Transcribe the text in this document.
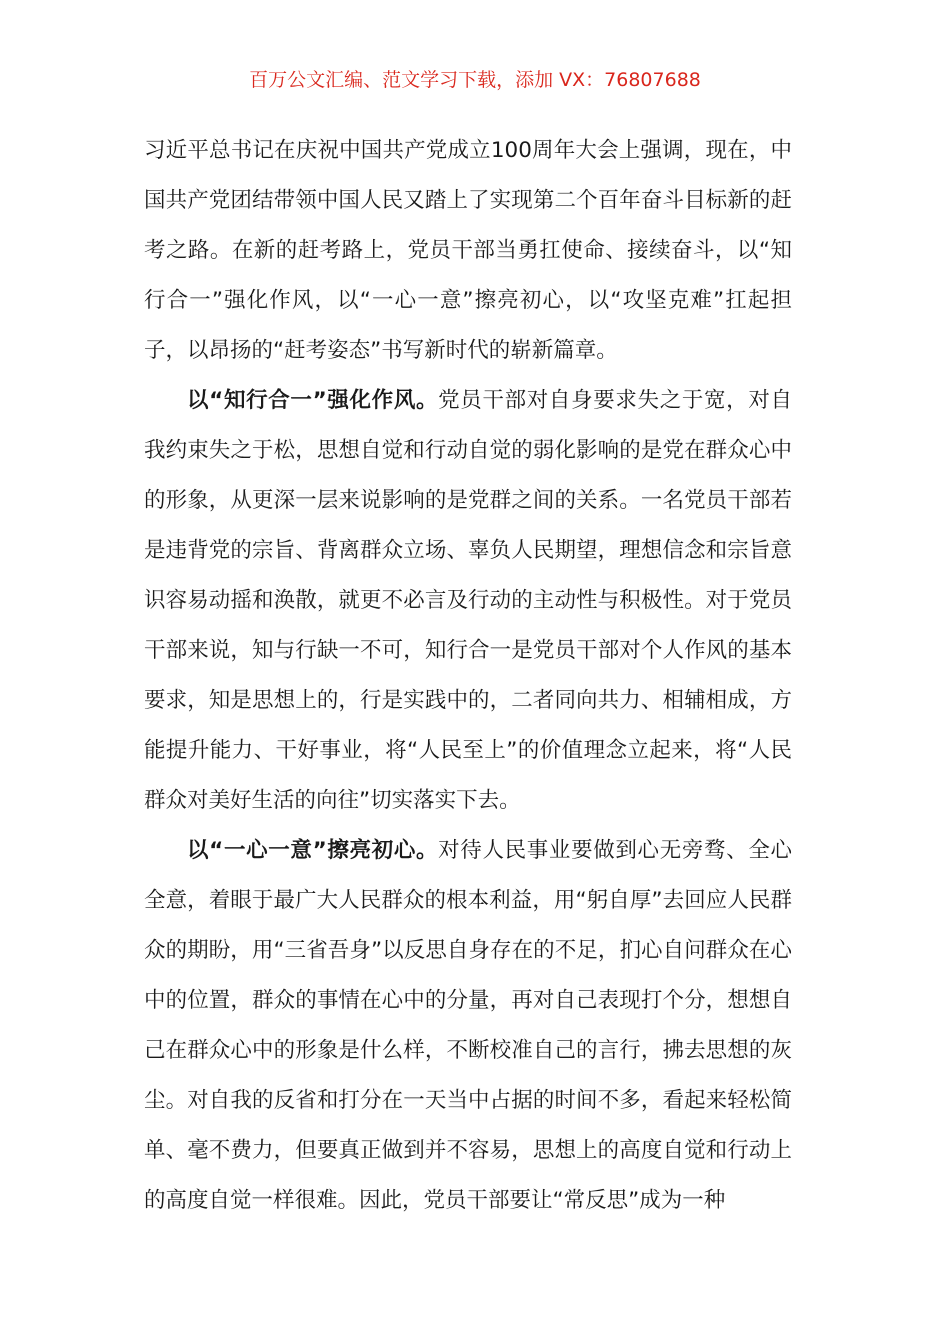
百万公文汇编、范文学习下载，添加 VX：76807688

习近平总书记在庆祝中国共产党成立100周年大会上强调，现在，中国共产党团结带领中国人民又踏上了实现第二个百年奋斗目标新的赶考之路。在新的赶考路上，党员干部当勇扛使命、接续奋斗，以“知行合一”强化作风，以“一心一意”擦亮初心，以“攻坚克难”扛起担子，以昂扬的“赶考姿态”书写新时代的崭新篇章。

以“知行合一”强化作风。党员干部对自身要求失之于宽，对自我约束失之于松，思想自觉和行动自觉的弱化影响的是党在群众心中的形象，从更深一层来说影响的是党群之间的关系。一名党员干部若是违背党的宗旨、背离群众立场、辜负人民期望，理想信念和宗旨意识容易动摇和涣散，就更不必言及行动的主动性与积极性。对于党员干部来说，知与行缺一不可，知行合一是党员干部对个人作风的基本要求，知是思想上的，行是实践中的，二者同向共力、相辅相成，方能提升能力、干好事业，将“人民至上”的价值理念立起来，将“人民群众对美好生活的向往”切实落实下去。

以“一心一意”擦亮初心。对待人民事业要做到心无旁骛、全心全意，着眼于最广大人民群众的根本利益，用“躬自厚”去回应人民群众的期盼，用“三省吾身”以反思自身存在的不足，扪心自问群众在心中的位置，群众的事情在心中的分量，再对自己表现打个分，想想自己在群众心中的形象是什么样，不断校准自己的言行，拂去思想的灰尘。对自我的反省和打分在一天当中占据的时间不多，看起来轻松简单、毫不费力，但要真正做到并不容易，思想上的高度自觉和行动上的高度自觉一样很难。因此，党员干部要让“常反思”成为一种
